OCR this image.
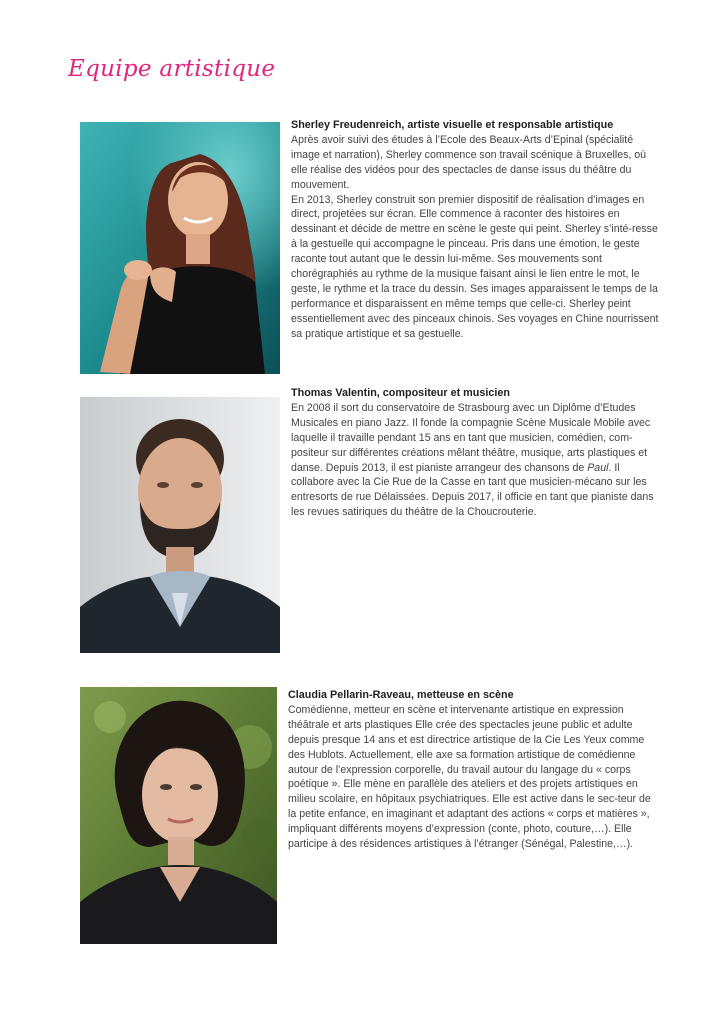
Equipe artistique
Sherley Freudenreich, artiste visuelle et responsable artistique

Après avoir suivi des études à l’Ecole des Beaux-Arts d’Epinal (spécialité image et narration), Sherley commence son travail scénique à Bruxelles, où elle réalise des vidéos pour des spectacles de danse issus du théâtre du mouvement.

En 2013, Sherley construit son premier dispositif de réalisation d’images en direct, projetées sur écran. Elle commence à raconter des histoires en dessinant et décide de mettre en scène le geste qui peint. Sherley s’inté-resse à la gestuelle qui accompagne le pinceau. Pris dans une émotion, le geste raconte tout autant que le dessin lui-même. Ses mouvements sont chorégraphiés au rythme de la musique faisant ainsi le lien entre le mot, le geste, le rythme et la trace du dessin. Ses images apparaissent le temps de la performance et disparaissent en même temps que celle-ci. Sherley peint essentiellement avec des pinceaux chinois. Ses voyages en Chine nourrissent sa pratique artistique et sa gestuelle.

Thomas Valentin, compositeur et musicien

En 2008 il sort du conservatoire de Strasbourg avec un Diplôme d’Etudes Musicales en piano Jazz. Il fonde la compagnie Scène Musicale Mobile avec laquelle il travaille pendant 15 ans en tant que musicien, comédien, com-positeur sur différentes créations mêlant théâtre, musique, arts plastiques et danse. Depuis 2013, il est pianiste arrangeur des chansons de Paul. Il collabore avec la Cie Rue de la Casse en tant que musicien-mécano sur les entresorts de rue Délaissées. Depuis 2017, il officie en tant que pianiste dans les revues satiriques du théâtre de la Choucrouterie.

Claudia Pellarin-Raveau, metteuse en scène

Comédienne, metteur en scène et intervenante artistique en expression théâtrale et arts plastiques Elle crée des spectacles jeune public et adulte depuis presque 14 ans et est directrice artistique de la Cie Les Yeux comme des Hublots. Actuellement, elle axe sa formation artistique de comédienne autour de l’expression corporelle, du travail autour du langage du « corps poétique ». Elle mène en parallèle des ateliers et des projets artistiques en milieu scolaire, en hôpitaux psychiatriques. Elle est active dans le sec-teur de la petite enfance, en imaginant et adaptant des actions « corps et matières », impliquant différents moyens d’expression (conte, photo, couture,…). Elle participe à des résidences artistiques à l’étranger (Sénégal, Palestine,…).
